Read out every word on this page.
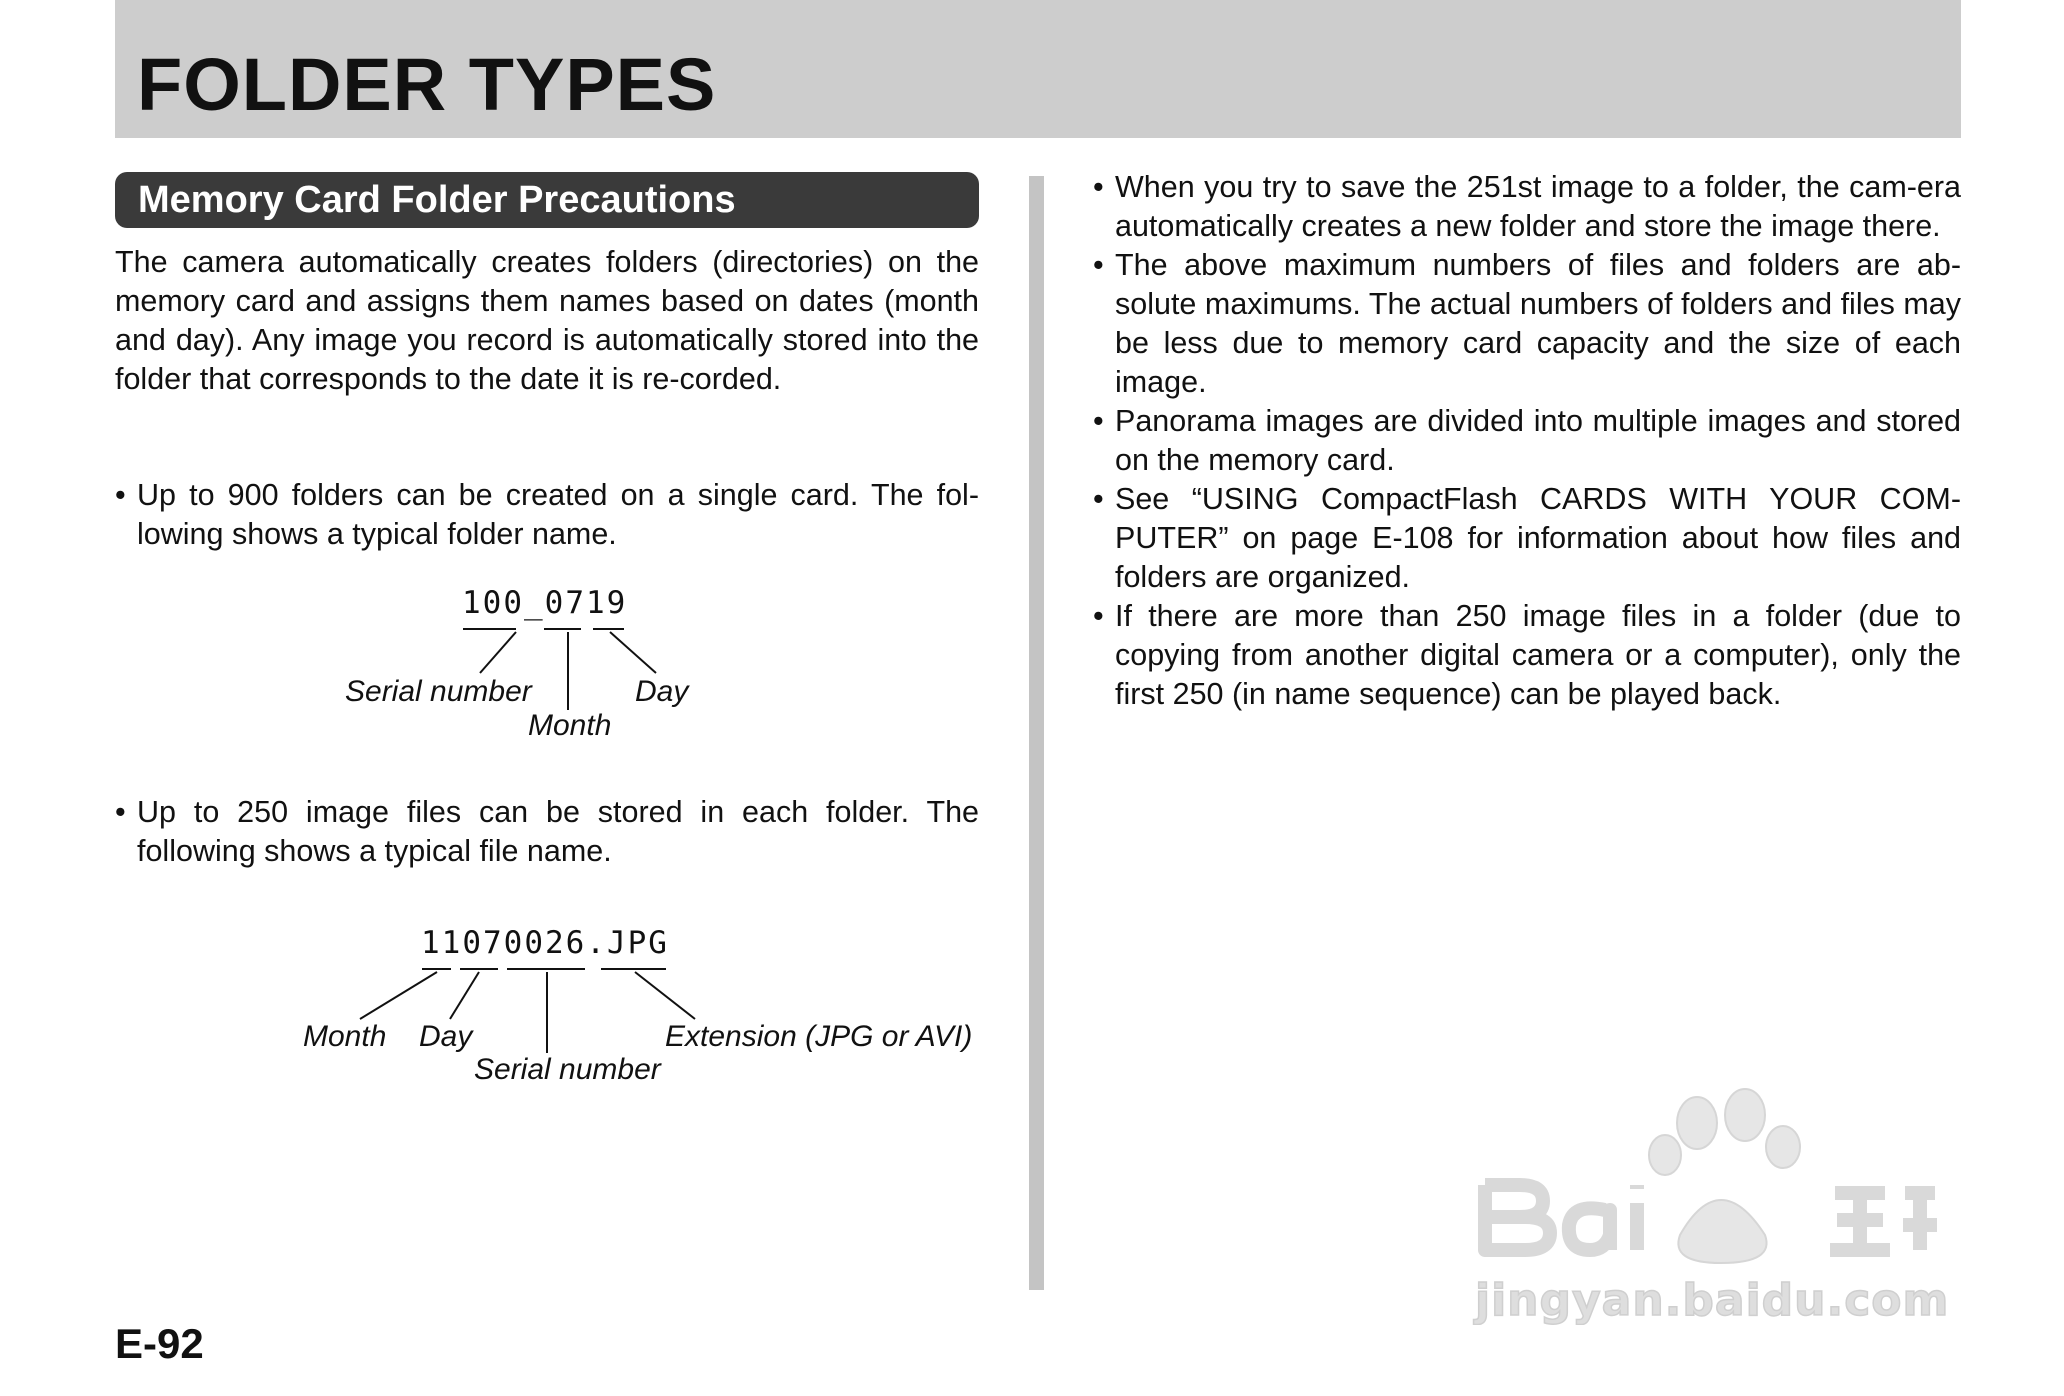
FOLDER TYPES
Memory Card Folder Precautions
The camera automatically creates folders (directories) on the memory card and assigns them names based on dates (month and day). Any image you record is automatically stored into the folder that corresponds to the date it is re-corded.
• Up to 900 folders can be created on a single card. The fol-lowing shows a typical folder name.
100_0719
Serial number	Day
Month
• Up to 250 image files can be stored in each folder. The following shows a typical file name.
11070026.JPG
Month Day	Extension (JPG or AVI)
Serial number
• When you try to save the 251st image to a folder, the cam-era automatically creates a new folder and store the image there.
• The above maximum numbers of files and folders are ab-solute maximums. The actual numbers of folders and files may be less due to memory card capacity and the size of each image.
• Panorama images are divided into multiple images and stored on the memory card.
• See “USING CompactFlash CARDS WITH YOUR COM-PUTER” on page E-108 for information about how files and folders are organized.
• If there are more than 250 image files in a folder (due to copying from another digital camera or a computer), only the first 250 (in name sequence) can be played back.
jingyan.baidu.com
E-92
